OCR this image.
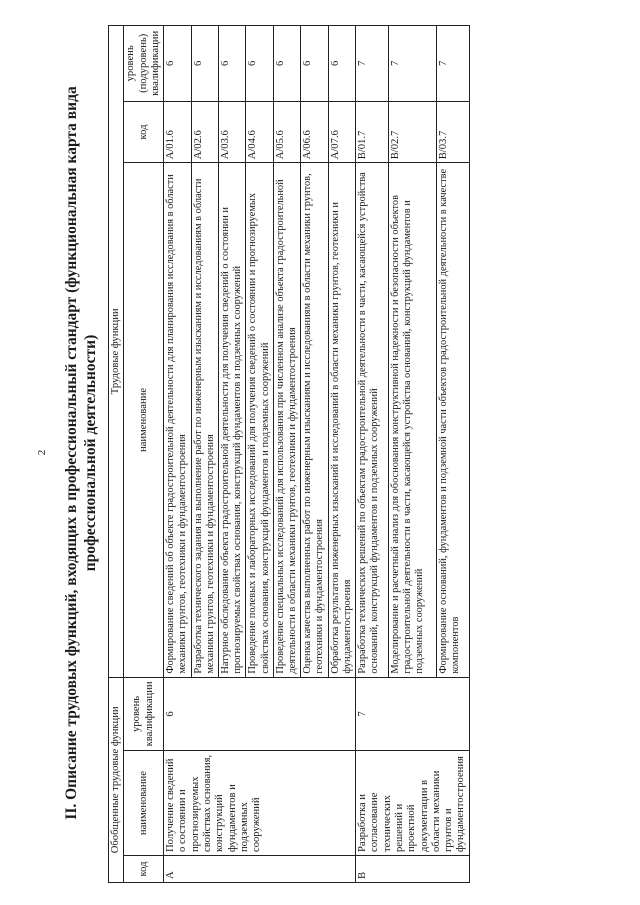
2 II. Описание трудовых функций, входящих в профессиональный стандарт (функциональная карта вида профессиональной деятельности)
Обобщенные трудовые функции			Трудовые функции		
код	наименование	уровень квалификации	наименование	код	уровень (подуровень) квалификации
А	Получение сведений о состоянии и прогнозируемых свойствах основания, конструкций фундаментов и подземных сооружений	6	Формирование сведений об объекте градостроительной деятельности для планирования исследования в области механики грунтов, геотехники и фундаментостроения	A/01.6	6
			Разработка технического задания на выполнение работ по инженерным изысканиям и исследованиям в области механики грунтов, геотехники и фундаментостроения	A/02.6	6
			Натурное обследование объекта градостроительной деятельности для получения сведений о состоянии и прогнозируемых свойствах основания, конструкций фундаментов и подземных сооружений	A/03.6	6
			Проведение полевых и лабораторных исследований для получения сведений о состоянии и прогнозируемых свойствах основания, конструкций фундаментов и подземных сооружений	A/04.6	6
			Проведение специальных исследований для использования при численном анализе объекта градостроительной деятельности в области механики грунтов, геотехники и фундаментостроения	A/05.6	6
			Оценка качества выполненных работ по инженерным изысканиям и исследованиям в области механики грунтов, геотехники и фундаментостроения	A/06.6	6
			Обработка результатов инженерных изысканий и исследований в области механики грунтов, геотехники и фундаментостроения	A/07.6	6
B	Разработка и согласование технических решений и проектной документации в области механики грунтов и фундаментостроения	7	Разработка технических решений по объектам градостроительной деятельности в части, касающейся устройства оснований, конструкций фундаментов и подземных сооружений	B/01.7	7
			Моделирование и расчетный анализ для обоснования конструктивной надежности и безопасности объектов градостроительной деятельности в части, касающейся устройства оснований, конструкций фундаментов и подземных сооружений	B/02.7	7
			Формирование оснований, фундаментов и подземной части объектов градостроительной деятельности в качестве компонентов	B/03.7	7
